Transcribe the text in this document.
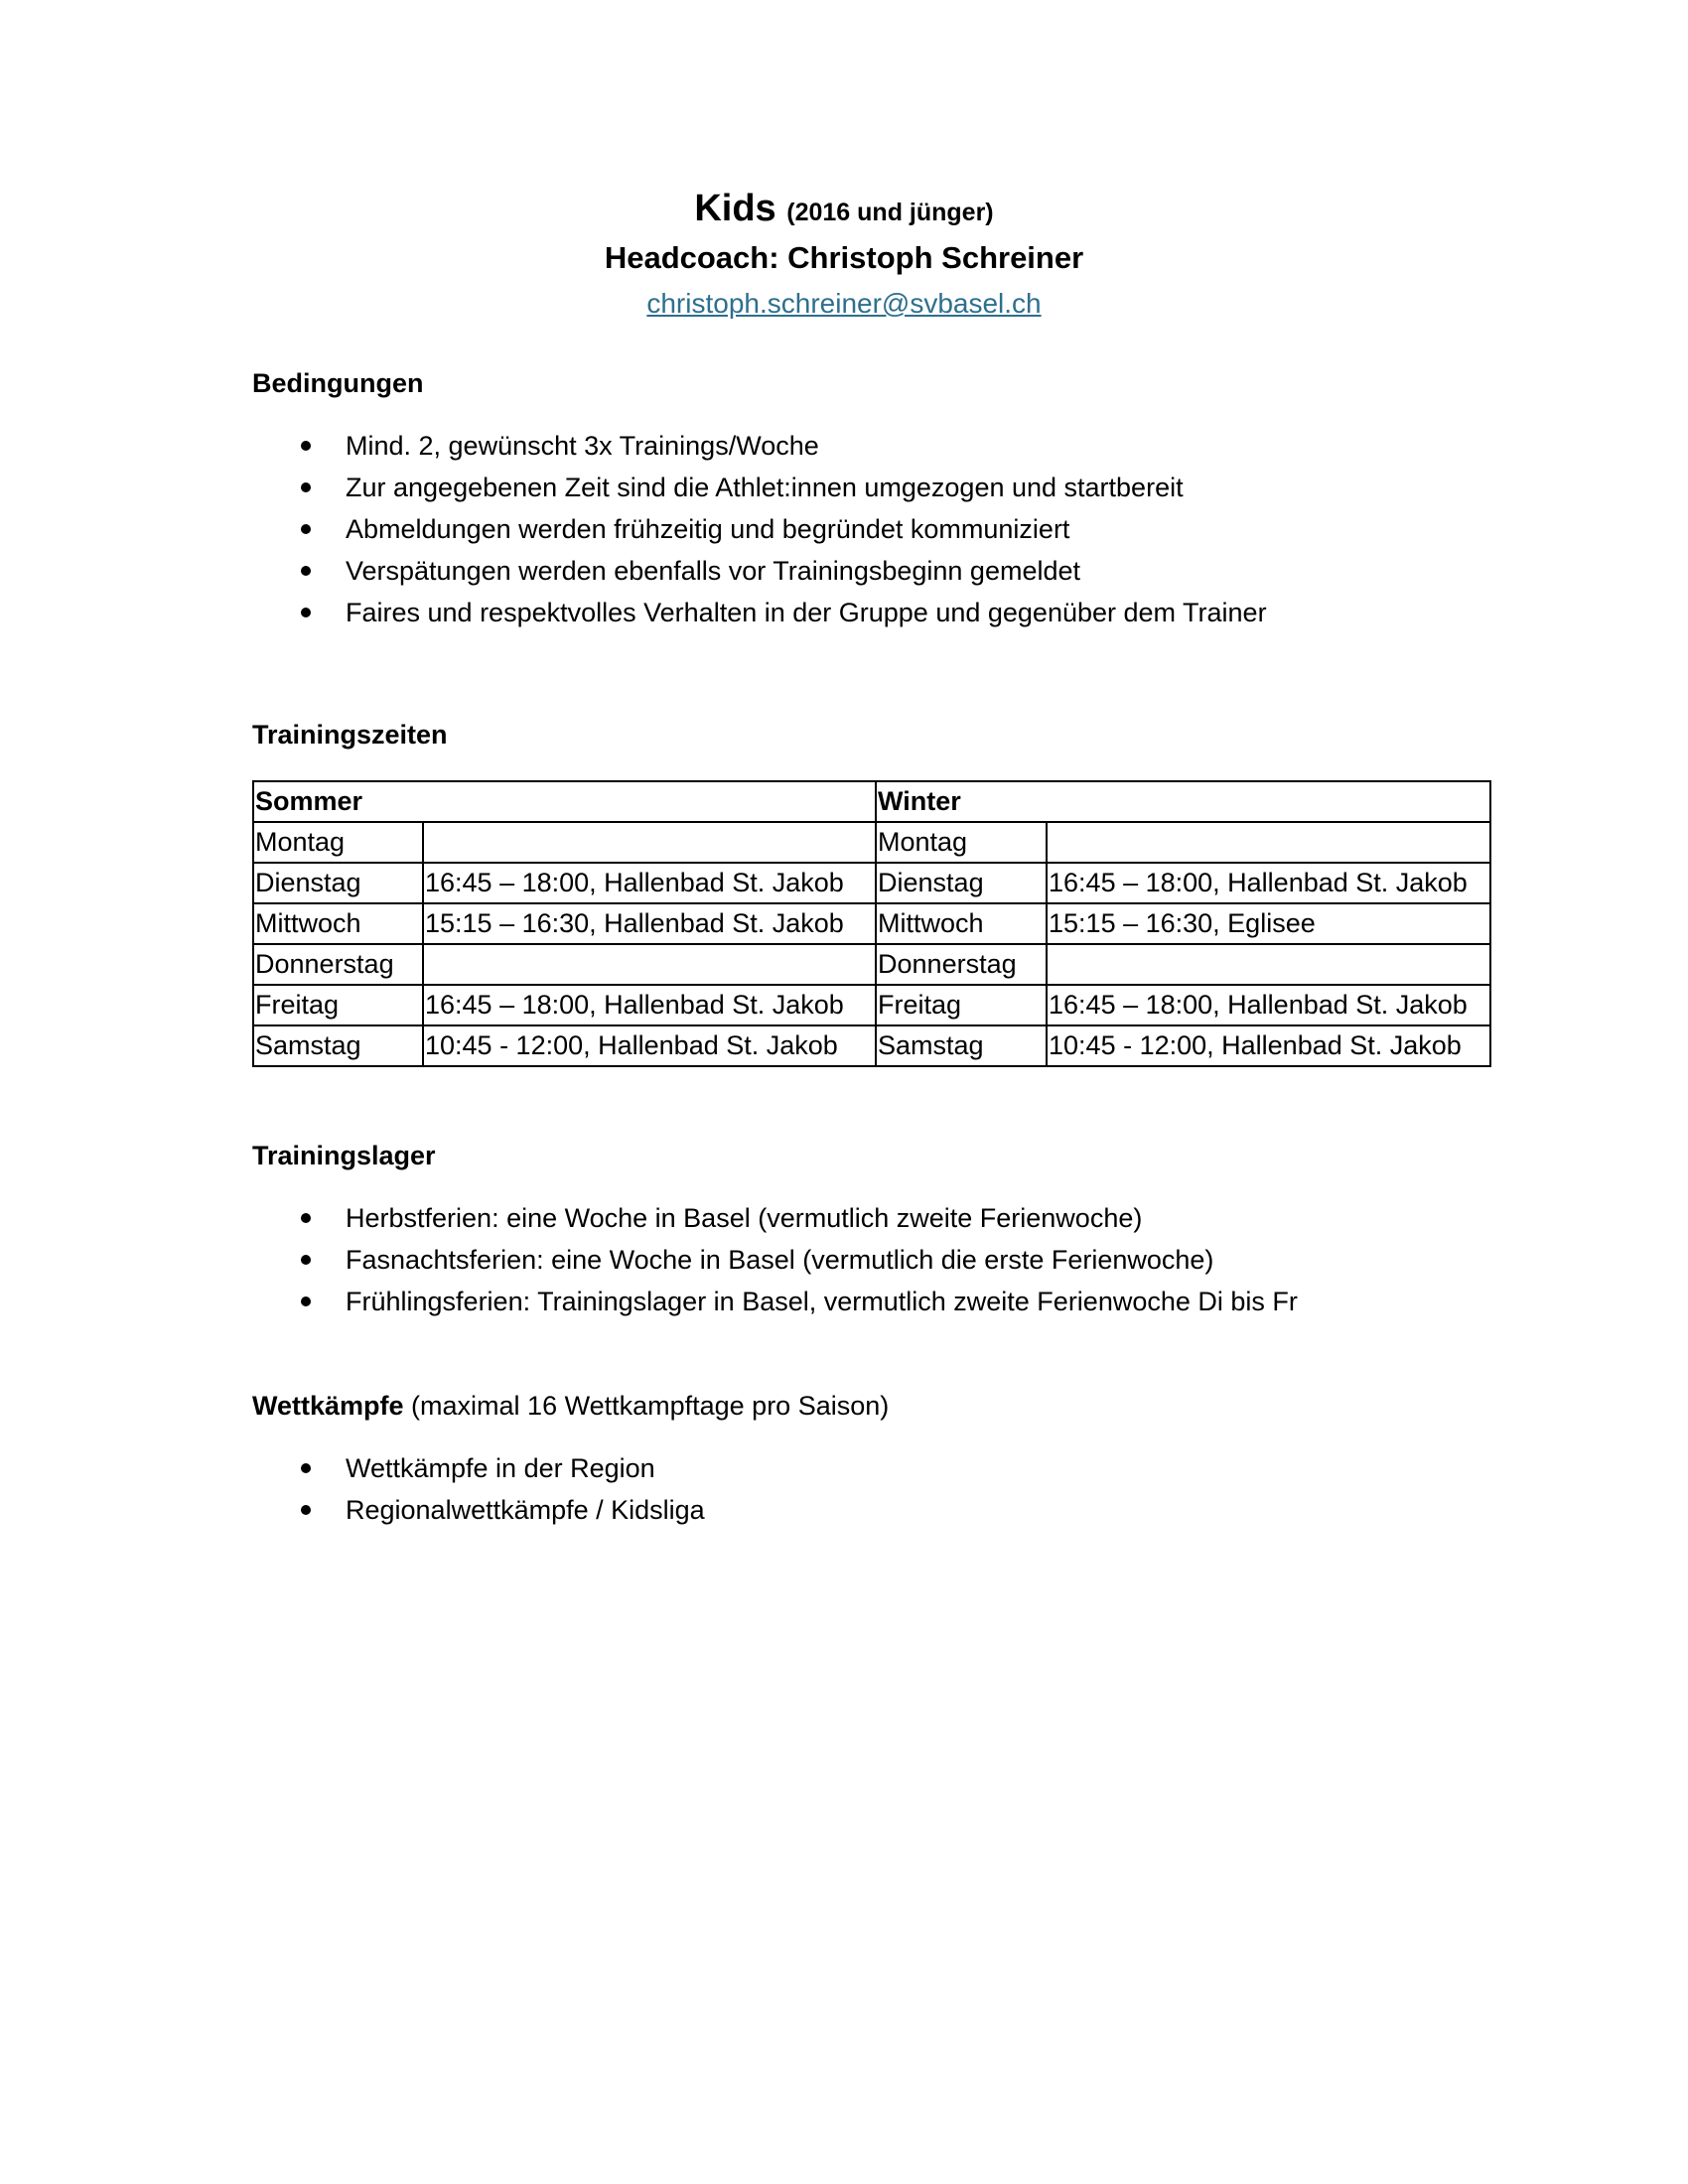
Kids (2016 und jünger)
Headcoach: Christoph Schreiner
christoph.schreiner@svbasel.ch
Bedingungen
Mind. 2, gewünscht 3x Trainings/Woche
Zur angegebenen Zeit sind die Athlet:innen umgezogen und startbereit
Abmeldungen werden frühzeitig und begründet kommuniziert
Verspätungen werden ebenfalls vor Trainingsbeginn gemeldet
Faires und respektvolles Verhalten in der Gruppe und gegenüber dem Trainer
Trainingszeiten
Sommer		Winter	
Montag		Montag	
Dienstag	16:45 – 18:00, Hallenbad St. Jakob	Dienstag	16:45 – 18:00, Hallenbad St. Jakob
Mittwoch	15:15 – 16:30, Hallenbad St. Jakob	Mittwoch	15:15 – 16:30, Eglisee
Donnerstag		Donnerstag	
Freitag	16:45 – 18:00, Hallenbad St. Jakob	Freitag	16:45 – 18:00, Hallenbad St. Jakob
Samstag	10:45 - 12:00, Hallenbad St. Jakob	Samstag	10:45 - 12:00, Hallenbad St. Jakob
Trainingslager
Herbstferien: eine Woche in Basel (vermutlich zweite Ferienwoche)
Fasnachtsferien: eine Woche in Basel (vermutlich die erste Ferienwoche)
Frühlingsferien: Trainingslager in Basel, vermutlich zweite Ferienwoche Di bis Fr
Wettkämpfe (maximal 16 Wettkampftage pro Saison)
Wettkämpfe in der Region
Regionalwettkämpfe / Kidsliga
